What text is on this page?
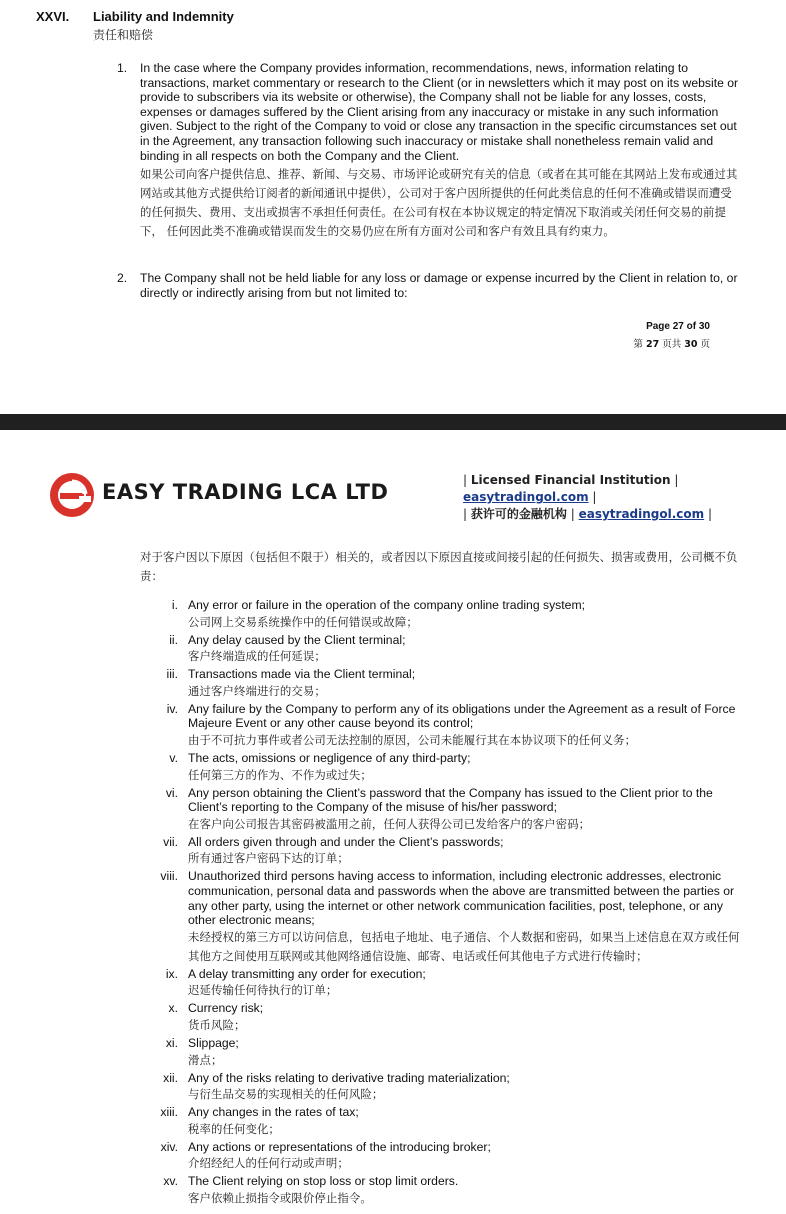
XXVI. Liability and Indemnity
责任和赔偿
1. In the case where the Company provides information, recommendations, news, information relating to transactions, market commentary or research to the Client (or in newsletters which it may post on its website or provide to subscribers via its website or otherwise), the Company shall not be liable for any losses, costs, expenses or damages suffered by the Client arising from any inaccuracy or mistake in any such information given. Subject to the right of the Company to void or close any transaction in the specific circumstances set out in the Agreement, any transaction following such inaccuracy or mistake shall nonetheless remain valid and binding in all respects on both the Company and the Client.

如果公司向客户提供信息、推荐、新闻、与交易、市场评论或研究有关的信息（或者在其可能在其网站上发布或通过其网站或其他方式提供给订阅者的新闻通讯中提供），公司对于客户因所提供的任何此类信息的任何不准确或错误而遭受的任何损失、费用、支出或损害不承担任何责任。在公司有权在本协议规定的特定情况下取消或关闭任何交易的前提下， 任何因此类不准确或错误而发生的交易仍应在所有方面对公司和客户有效且具有约束力。

2. The Company shall not be held liable for any loss or damage or expense incurred by the Client in relation to, or directly or indirectly arising from but not limited to:

Page 27 of 30
第 27 页共 30 页
EASY TRADING LCA LTD	| Licensed Financial Institution | easytradingol.com |
| 获许可的金融机构 | easytradingol.com |

对于客户因以下原因（包括但不限于）相关的，或者因以下原因直接或间接引起的任何损失、损害或费用，公司概不负责：

i. Any error or failure in the operation of the company online trading system;

公司网上交易系统操作中的任何错误或故障；

ii. Any delay caused by the Client terminal;

客户终端造成的任何延误；

iii. Transactions made via the Client terminal;

通过客户终端进行的交易；

iv. Any failure by the Company to perform any of its obligations under the Agreement as a result of Force Majeure Event or any other cause beyond its control;

由于不可抗力事件或者公司无法控制的原因，公司未能履行其在本协议项下的任何义务；

v. The acts, omissions or negligence of any third-party;

任何第三方的作为、不作为或过失；

vi. Any person obtaining the Client’s password that the Company has issued to the Client prior to the Client’s reporting to the Company of the misuse of his/her password;

在客户向公司报告其密码被滥用之前，任何人获得公司已发给客户的客户密码；

vii. All orders given through and under the Client’s passwords;

所有通过客户密码下达的订单；

viii. Unauthorized third persons having access to information, including electronic addresses, electronic communication, personal data and passwords when the above are transmitted between the parties or any other party, using the internet or other network communication facilities, post, telephone, or any other electronic means;

未经授权的第三方可以访问信息，包括电子地址、电子通信、个人数据和密码，如果当上述信息在双方或任何其他方之间使用互联网或其他网络通信设施、邮寄、电话或任何其他电子方式进行传输时；

ix. A delay transmitting any order for execution;

迟延传输任何待执行的订单；

x. Currency risk;

货币风险；

xi. Slippage;

滑点；

xii. Any of the risks relating to derivative trading materialization;

与衍生品交易的实现相关的任何风险；

xiii. Any changes in the rates of tax;

税率的任何变化；

xiv. Any actions or representations of the introducing broker;

介绍经纪人的任何行动或声明；

xv. The Client relying on stop loss or stop limit orders.

客户依赖止损指令或限价停止指令。
